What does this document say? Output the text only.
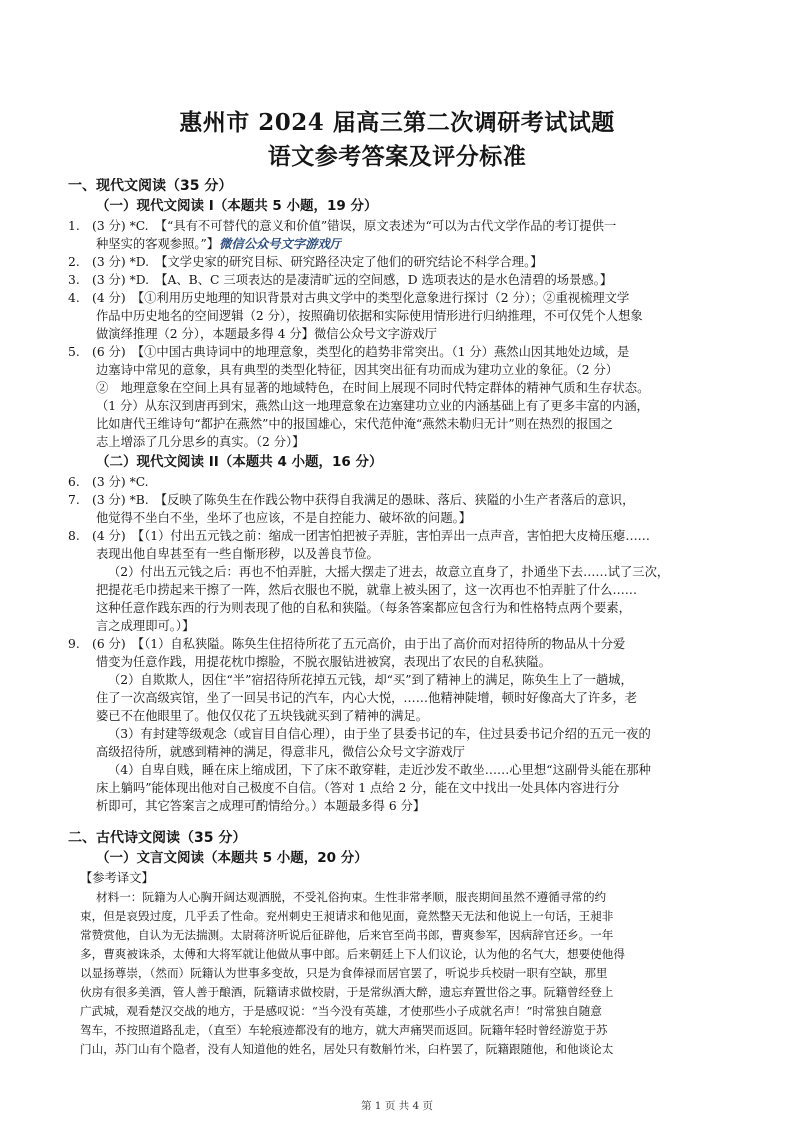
惠州市 2024 届高三第二次调研考试试题
语文参考答案及评分标准
一、现代文阅读（35 分）
（一）现代文阅读 I（本题共 5 小题，19 分）
1.　(3 分) *C.　【“具有不可替代的意义和价值”错误，原文表述为“可以为古代文学作品的考订提供一
种坚实的客观参照。”】微信公众号文字游戏厅
2.　(3 分) *D.　【文学史家的研究目标、研究路径决定了他们的研究结论不科学合理。】
3.　(3 分) *D.　【A、B、C 三项表达的是凄清旷远的空间感，D 选项表达的是水色清碧的场景感。】
4.　(4 分)　【①利用历史地理的知识背景对古典文学中的类型化意象进行探讨（2 分）；②重视梳理文学
作品中历史地名的空间逻辑（2 分），按照确切依据和实际使用情形进行归纳推理，不可仅凭个人想象
做演绎推理（2 分），本题最多得 4 分】微信公众号文字游戏厅
5.　(6 分)　【①中国古典诗词中的地理意象，类型化的趋势非常突出。（1 分）燕然山因其地处边域，是
边塞诗中常见的意象，具有典型的类型化特征，因其突出征有功而成为建功立业的象征。（2 分）
②　地理意象在空间上具有显著的地域特色，在时间上展现不同时代特定群体的精神气质和生存状态。
（1 分）从东汉到唐再到宋，燕然山这一地理意象在边塞建功立业的内涵基础上有了更多丰富的内涵，
比如唐代王维诗句“都护在燕然”中的报国雄心，宋代范仲淹“燕然未勒归无计”则在热烈的报国之
志上增添了几分思乡的真实。（2 分）】
（二）现代文阅读 II（本题共 4 小题，16 分）
6.　(3 分) *C.
7.　(3 分) *B.　【反映了陈奂生在作践公物中获得自我满足的愚昧、落后、狭隘的小生产者落后的意识，
他觉得不坐白不坐，坐坏了也应该，不是自控能力、破坏欲的问题。】
8.　(4 分)　【（1）付出五元钱之前：缩成一团害怕把被子弄脏，害怕弄出一点声音，害怕把大皮椅压瘪……
表现出他自卑甚至有一些自惭形秽，以及善良节俭。
（2）付出五元钱之后：再也不怕弄脏，大摇大摆走了进去，故意立直身了，扑通坐下去……试了三次，
把提花毛巾捞起来干擦了一阵，然后衣服也不脱，就靠上被头困了，这一次再也不怕弄脏了什么……
这种任意作践东西的行为则表现了他的自私和狭隘。（每条答案都应包含行为和性格特点两个要素，
言之成理即可。）】
9.　(6 分)　【（1）自私狭隘。陈奂生住招待所花了五元高价，由于出了高价而对招待所的物品从十分爱
惜变为任意作践，用提花枕巾擦脸，不脱衣服钻进被窝，表现出了农民的自私狭隘。
（2）自欺欺人，因住“半”宿招待所花掉五元钱，却“买”到了精神上的满足，陈奂生上了一趟城，
住了一次高级宾馆，坐了一回吴书记的汽车，内心大悦，……他精神陡增，顿时好像高大了许多，老
婆已不在他眼里了。他仅仅花了五块钱就买到了精神的满足。
（3）有封建等级观念（或盲目自信心理），由于坐了县委书记的车，住过县委书记介绍的五元一夜的
高级招待所，就感到精神的满足，得意非凡，微信公众号文字游戏厅
（4）自卑自贱，睡在床上缩成团，下了床不敢穿鞋，走近沙发不敢坐……心里想“这副骨头能在那种
床上躺吗”能体现出他对自己极度不自信。（答对 1 点给 2 分，能在文中找出一处具体内容进行分
析即可，其它答案言之成理可酌情给分。）本题最多得 6 分】
二、古代诗文阅读（35 分）
（一）文言文阅读（本题共 5 小题，20 分）
【参考译文】
材料一：阮籍为人心胸开阔达观洒脱，不受礼俗拘束。生性非常孝顺，服丧期间虽然不遵循寻常的约
束，但是哀毁过度，几乎丢了性命。兖州刺史王昶请求和他见面，竟然整天无法和他说上一句话，王昶非
常赞赏他，自认为无法揣测。太尉蒋济听说后征辟他，后来官至尚书郎，曹爽参军，因病辞官还乡。一年
多，曹爽被诛杀，太傅和大将军就让他做从事中郎。后来朝廷上下人们议论，认为他的名气大，想要使他得
以显扬尊崇，（然而）阮籍认为世事多变故，只是为食俸禄而居官罢了，听说步兵校尉一职有空缺，那里
伙房有很多美酒，管人善于酿酒，阮籍请求做校尉，于是常纵酒大醉，遗忘弃置世俗之事。阮籍曾经登上
广武城，观看楚汉交战的地方，于是感叹说：“当今没有英雄，才使那些小子成就名声！”时常独自随意
驾车，不按照道路乱走，（直至）车轮痕迹都没有的地方，就大声痛哭而返回。阮籍年轻时曾经游览于苏
门山，苏门山有个隐者，没有人知道他的姓名，居处只有数斛竹米，臼杵罢了，阮籍跟随他，和他谈论太
第 1 页 共 4 页
